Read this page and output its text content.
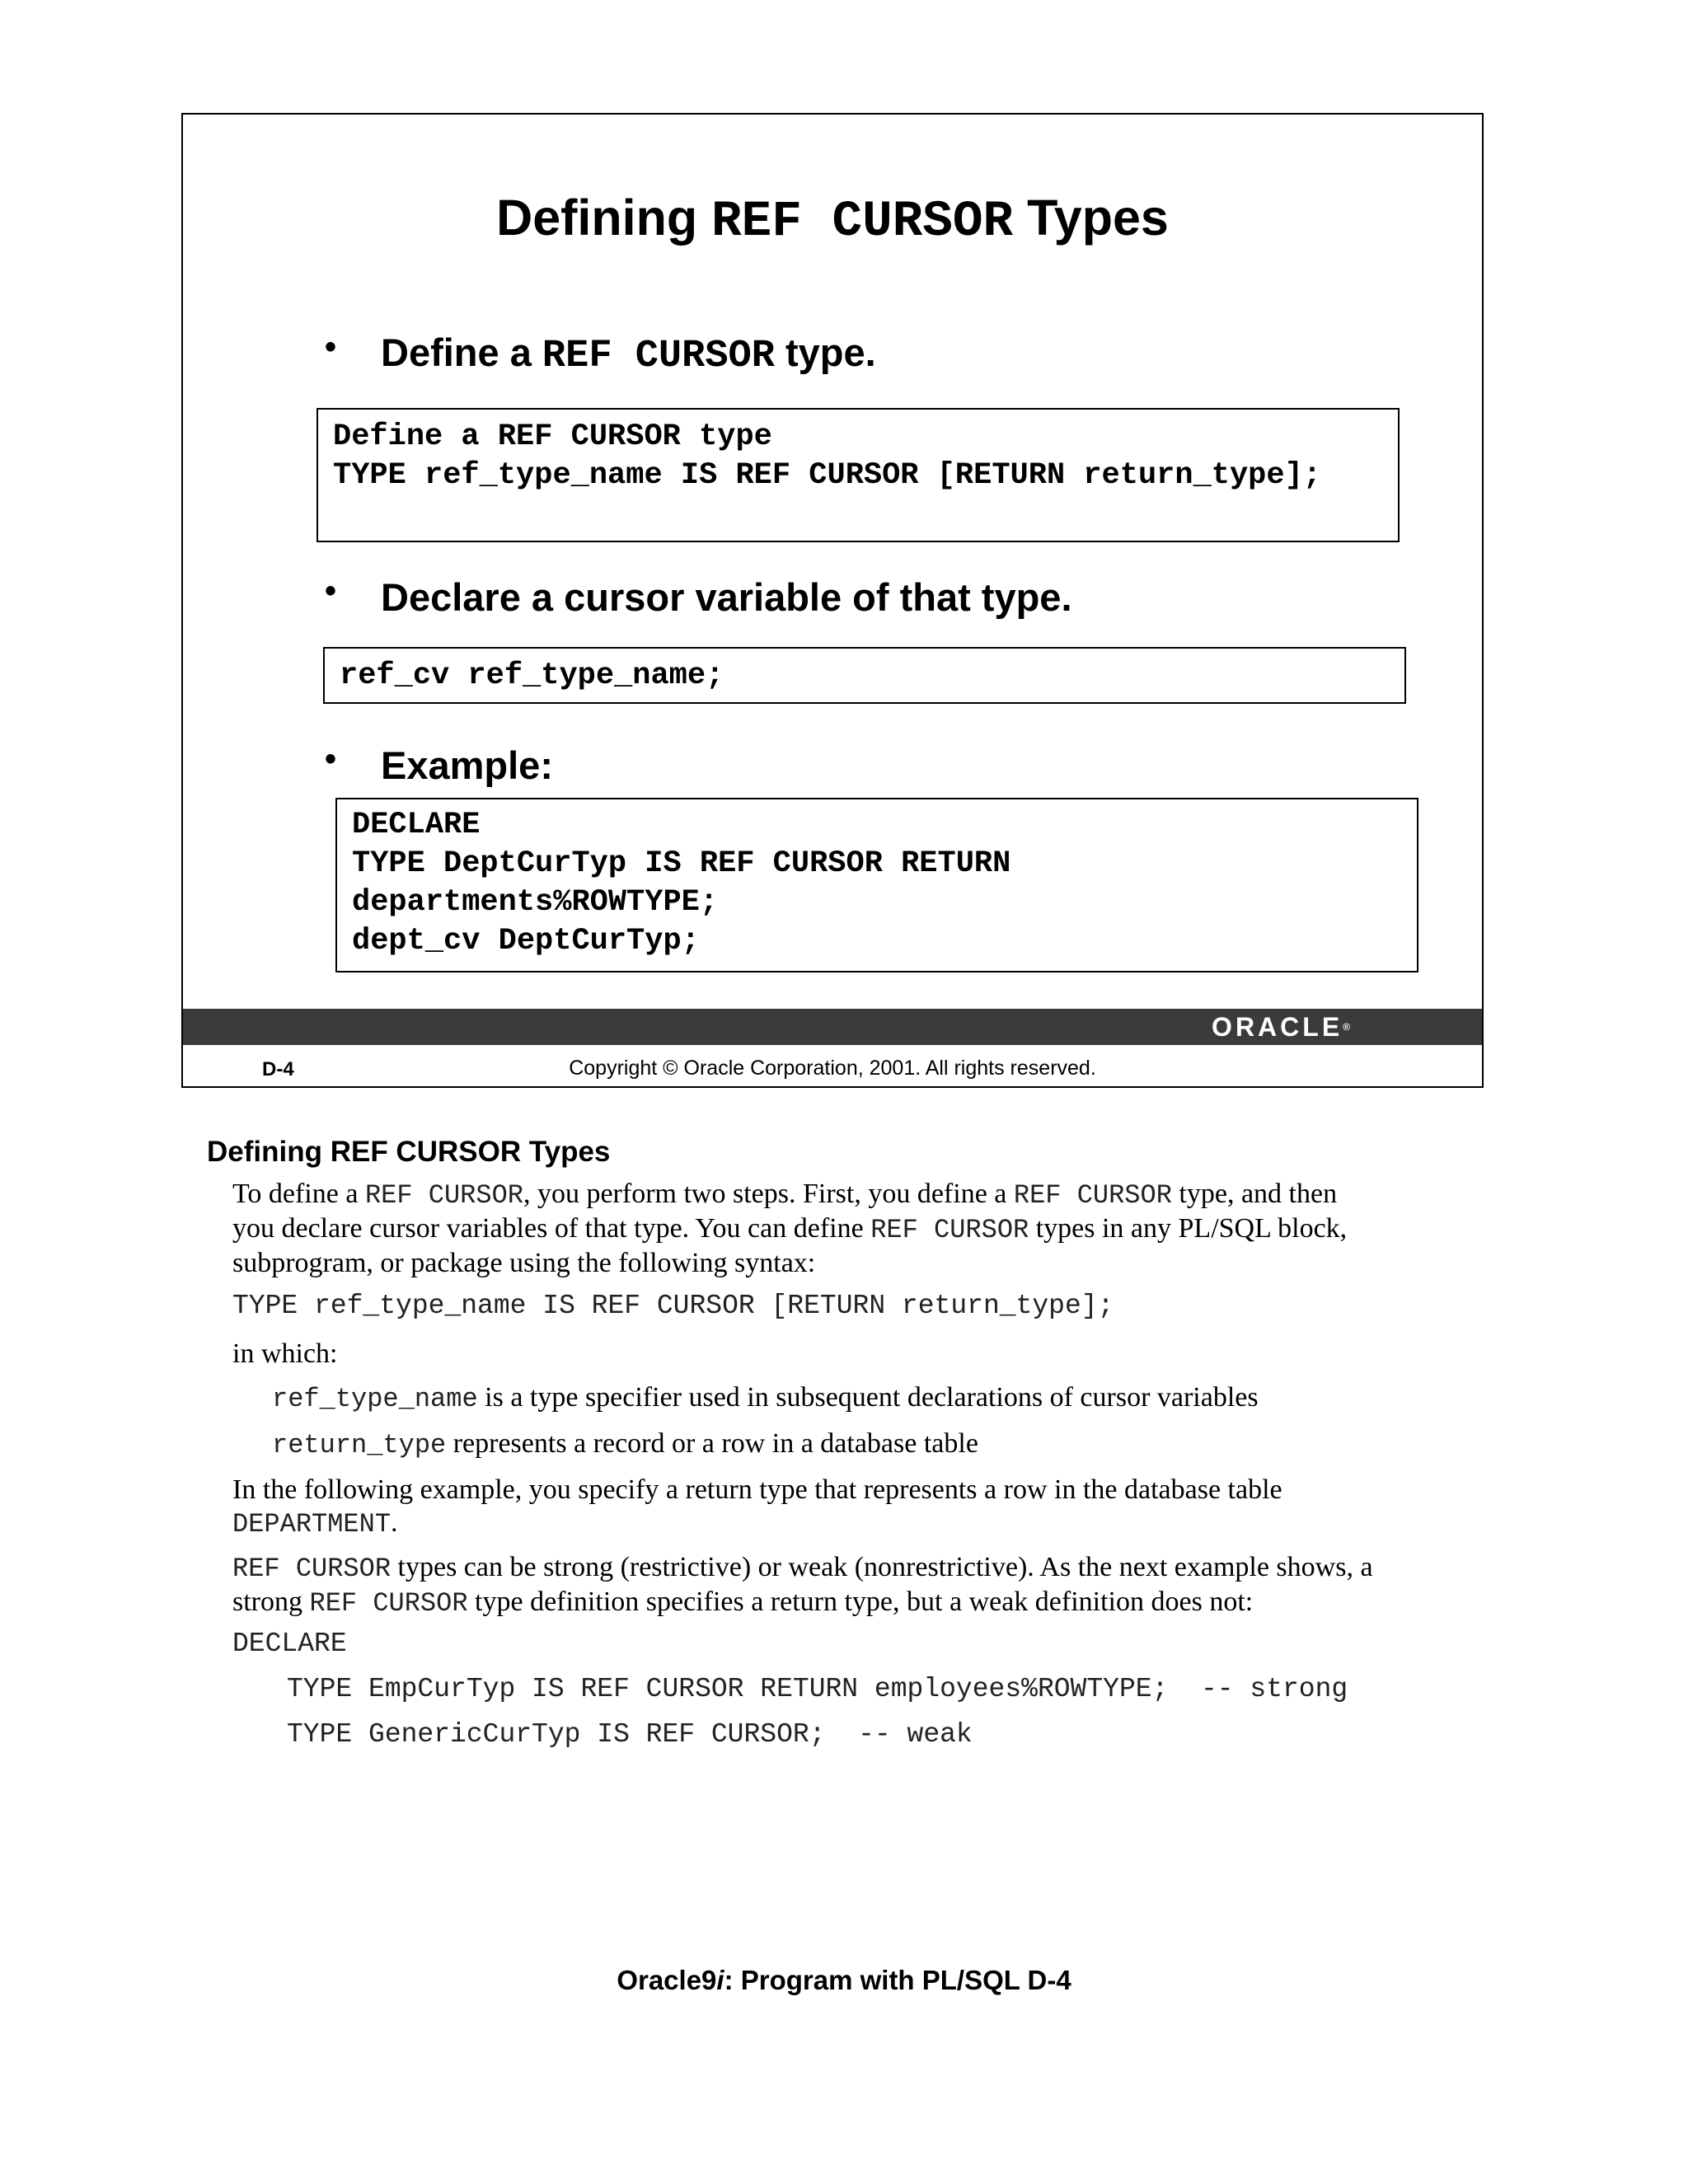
Defining REF CURSOR Types
• Define a REF CURSOR type.
Define a REF CURSOR type
TYPE ref_type_name IS REF CURSOR [RETURN return_type];
• Declare a cursor variable of that type.
ref_cv ref_type_name;
• Example:
DECLARE
TYPE DeptCurTyp IS REF CURSOR RETURN
departments%ROWTYPE;
dept_cv DeptCurTyp;
ORACLE®
D-4	Copyright © Oracle Corporation, 2001. All rights reserved.
Defining REF CURSOR Types
To define a REF CURSOR, you perform two steps. First, you define a REF CURSOR type, and then
you declare cursor variables of that type. You can define REF CURSOR types in any PL/SQL block,
subprogram, or package using the following syntax:
TYPE ref_type_name IS REF CURSOR [RETURN return_type];
in which:
ref_type_name is a type specifier used in subsequent declarations of cursor variables
return_type represents a record or a row in a database table
In the following example, you specify a return type that represents a row in the database table
DEPARTMENT.
REF CURSOR types can be strong (restrictive) or weak (nonrestrictive). As the next example shows, a
strong REF CURSOR type definition specifies a return type, but a weak definition does not:
DECLARE
TYPE EmpCurTyp IS REF CURSOR RETURN employees%ROWTYPE;  -- strong
TYPE GenericCurTyp IS REF CURSOR;  -- weak
Oracle9i: Program with PL/SQL D-4
